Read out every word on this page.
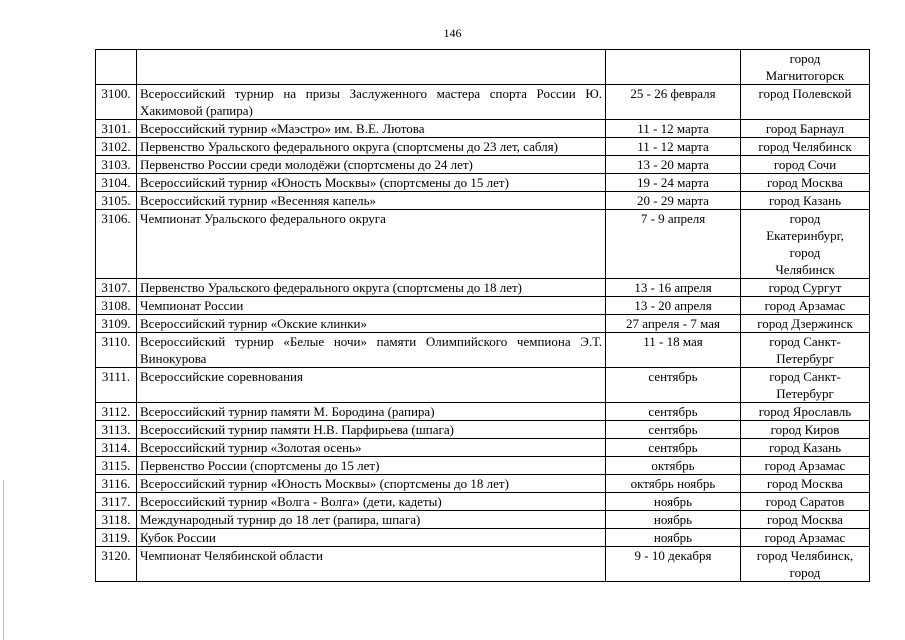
146
			город Магнитогорск
3100.	Всероссийский турнир на призы Заслуженного мастера спорта России Ю. Хакимовой (рапира)	25 - 26 февраля	город Полевской
3101.	Всероссийский турнир «Маэстро» им. В.Е. Лютова	11 - 12 марта	город Барнаул
3102.	Первенство Уральского федерального округа (спортсмены до 23 лет, сабля)	11 - 12 марта	город Челябинск
3103.	Первенство России среди молодёжи (спортсмены до 24 лет)	13 - 20 марта	город Сочи
3104.	Всероссийский турнир «Юность Москвы» (спортсмены до 15 лет)	19 - 24 марта	город Москва
3105.	Всероссийский турнир «Весенняя капель»	20 - 29 марта	город Казань
3106.	Чемпионат Уральского федерального округа	7 - 9 апреля	город Екатеринбург, город Челябинск
3107.	Первенство Уральского федерального округа (спортсмены до 18 лет)	13 - 16 апреля	город Сургут
3108.	Чемпионат России	13 - 20 апреля	город Арзамас
3109.	Всероссийский турнир «Окские клинки»	27 апреля - 7 мая	город Дзержинск
3110.	Всероссийский турнир «Белые ночи» памяти Олимпийского чемпиона Э.Т. Винокурова	11 - 18 мая	город Санкт-Петербург
3111.	Всероссийские соревнования	сентябрь	город Санкт-Петербург
3112.	Всероссийский турнир памяти М. Бородина (рапира)	сентябрь	город Ярославль
3113.	Всероссийский турнир памяти Н.В. Парфирьева (шпага)	сентябрь	город Киров
3114.	Всероссийский турнир «Золотая осень»	сентябрь	город Казань
3115.	Первенство России (спортсмены до 15 лет)	октябрь	город Арзамас
3116.	Всероссийский турнир «Юность Москвы» (спортсмены до 18 лет)	октябрь ноябрь	город Москва
3117.	Всероссийский турнир «Волга - Волга» (дети, кадеты)	ноябрь	город Саратов
3118.	Международный турнир до 18 лет (рапира, шпага)	ноябрь	город Москва
3119.	Кубок России	ноябрь	город Арзамас
3120.	Чемпионат Челябинской области	9 - 10 декабря	город Челябинск, город
